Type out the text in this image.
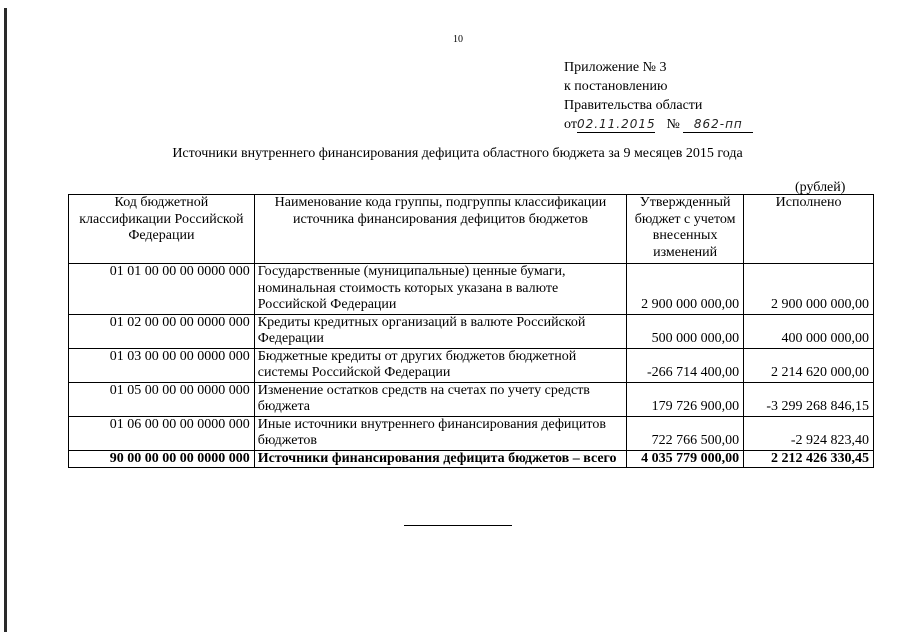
10
Приложение № 3
к постановлению
Правительства области
от02.11.2015 № 862-пп
Источники внутреннего финансирования дефицита областного бюджета за 9 месяцев 2015 года
(рублей)
Код бюджетной классификации Российской Федерации	Наименование кода группы, подгруппы классификации источника финансирования дефицитов бюджетов	Утвержденный бюджет с учетом внесенных изменений	Исполнено
01 01 00 00 00 0000 000	Государственные (муниципальные) ценные бумаги, номинальная стоимость которых указана в валюте Российской Федерации	2 900 000 000,00	2 900 000 000,00
01 02 00 00 00 0000 000	Кредиты кредитных организаций в валюте Российской Федерации	500 000 000,00	400 000 000,00
01 03 00 00 00 0000 000	Бюджетные кредиты от других бюджетов бюджетной системы Российской Федерации	-266 714 400,00	2 214 620 000,00
01 05 00 00 00 0000 000	Изменение остатков средств на счетах по учету средств бюджета	179 726 900,00	-3 299 268 846,15
01 06 00 00 00 0000 000	Иные источники внутреннего финансирования дефицитов бюджетов	722 766 500,00	-2 924 823,40
90 00 00 00 00 0000 000	Источники финансирования дефицита бюджетов – всего	4 035 779 000,00	2 212 426 330,45
